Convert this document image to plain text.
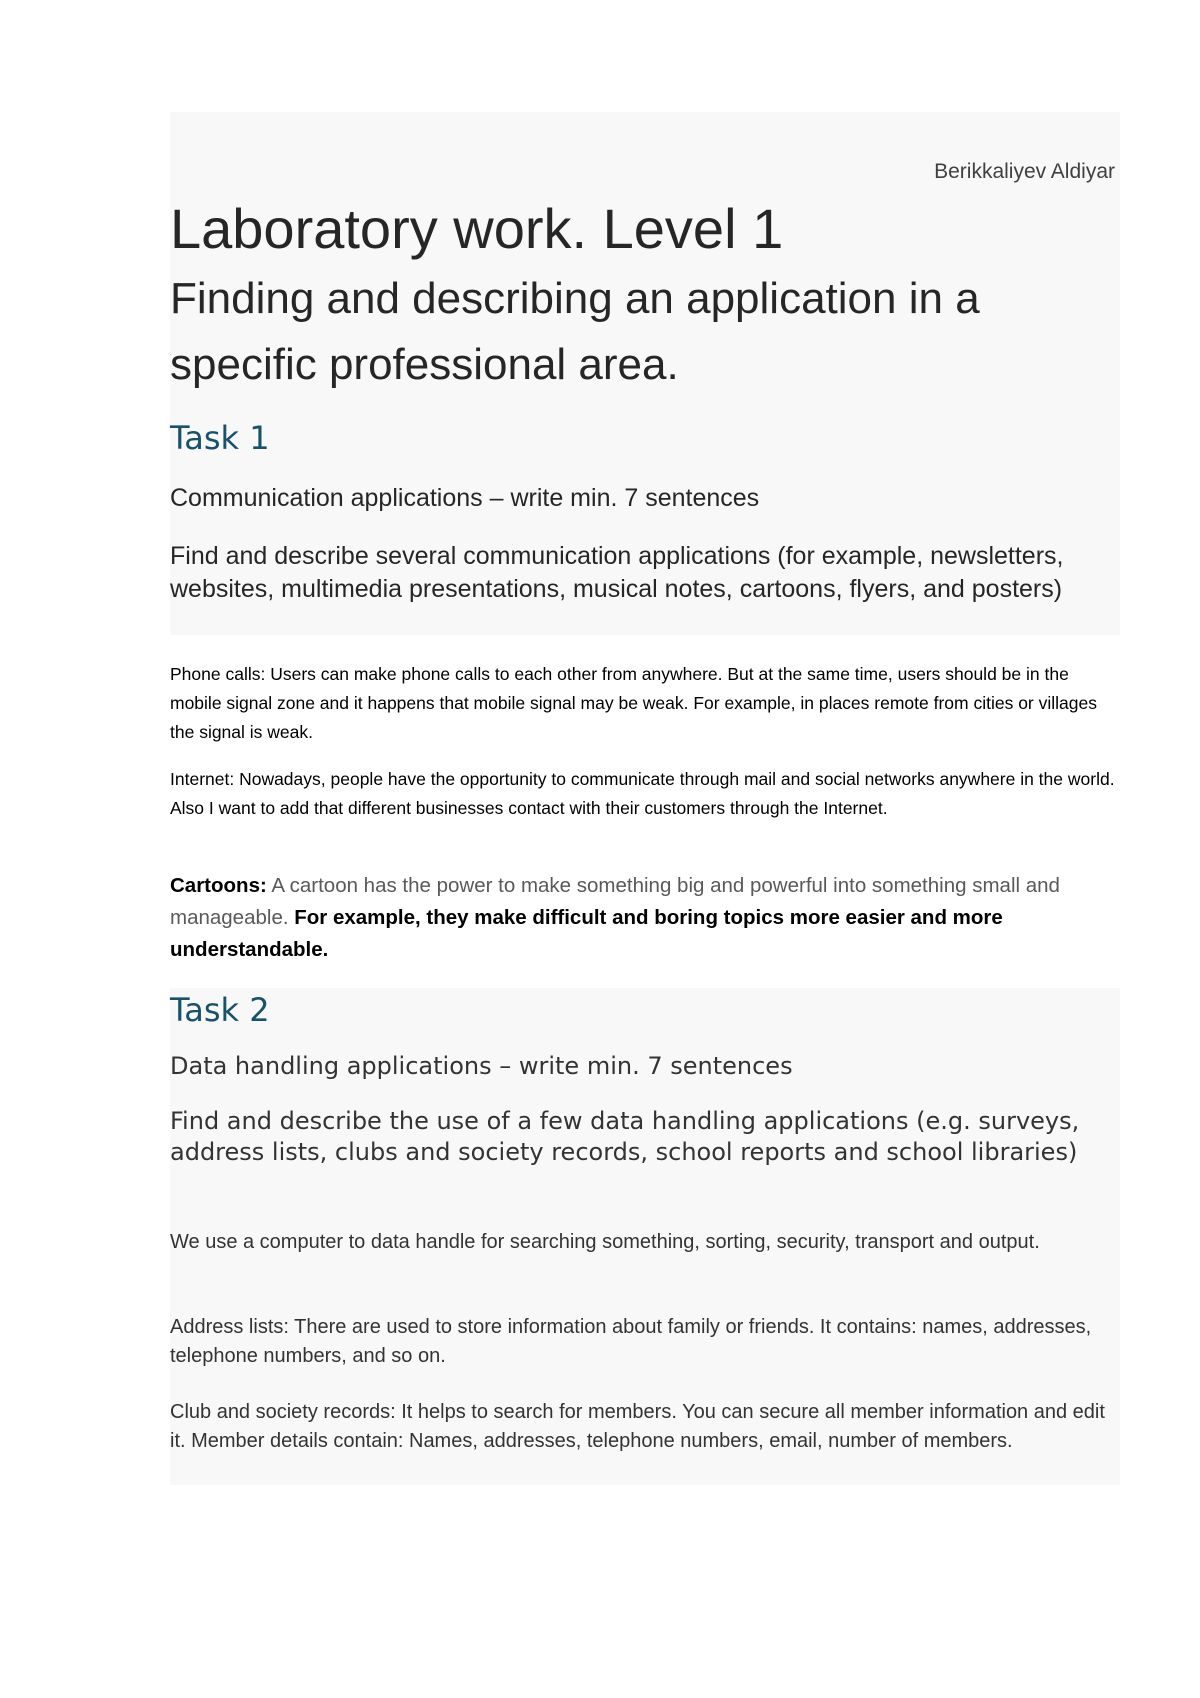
Berikkaliyev Aldiyar

Laboratory work. Level 1
Finding and describing an application in a specific professional area.
Task 1

Communication applications – write min. 7 sentences

Find and describe several communication applications (for example, newsletters, websites, multimedia presentations, musical notes, cartoons, flyers, and posters)

Phone calls: Users can make phone calls to each other from anywhere. But at the same time, users should be in the mobile signal zone and it happens that mobile signal may be weak. For example, in places remote from cities or villages the signal is weak.

Internet: Nowadays, people have the opportunity to communicate through mail and social networks anywhere in the world. Also I want to add that different businesses contact with their customers through the Internet.

Cartoons: A cartoon has the power to make something big and powerful into something small and manageable. For example, they make difficult and boring topics more easier and more understandable.

Task 2

Data handling applications – write min. 7 sentences

Find and describe the use of a few data handling applications (e.g. surveys, address lists, clubs and society records, school reports and school libraries)

We use a computer to data handle for searching something, sorting, security, transport and output.

Address lists: There are used to store information about family or friends. It contains: names, addresses, telephone numbers, and so on.

Club and society records: It helps to search for members. You can secure all member information and edit it. Member details contain: Names, addresses, telephone numbers, email, number of members.
